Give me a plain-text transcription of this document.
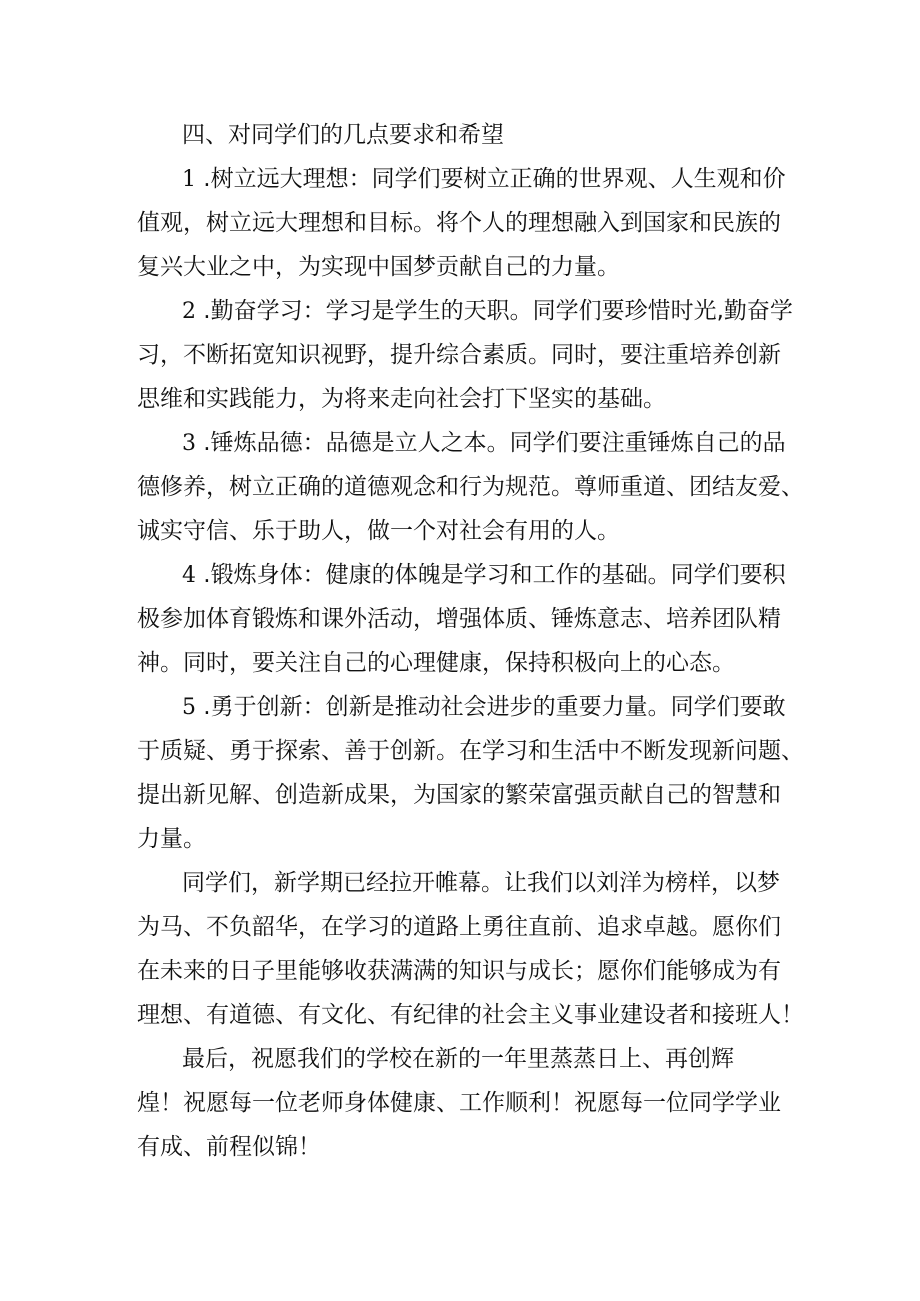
四、对同学们的几点要求和希望
1 .树立远大理想：同学们要树立正确的世界观、人生观和价
值观，树立远大理想和目标。将个人的理想融入到国家和民族的
复兴大业之中，为实现中国梦贡献自己的力量。
2 .勤奋学习：学习是学生的天职。同学们要珍惜时光,勤奋学
习，不断拓宽知识视野，提升综合素质。同时，要注重培养创新
思维和实践能力，为将来走向社会打下坚实的基础。
3 .锤炼品德：品德是立人之本。同学们要注重锤炼自己的品
德修养，树立正确的道德观念和行为规范。尊师重道、团结友爱、
诚实守信、乐于助人，做一个对社会有用的人。
4 .锻炼身体：健康的体魄是学习和工作的基础。同学们要积
极参加体育锻炼和课外活动，增强体质、锤炼意志、培养团队精
神。同时，要关注自己的心理健康，保持积极向上的心态。
5 .勇于创新：创新是推动社会进步的重要力量。同学们要敢
于质疑、勇于探索、善于创新。在学习和生活中不断发现新问题、
提出新见解、创造新成果，为国家的繁荣富强贡献自己的智慧和
力量。
同学们，新学期已经拉开帷幕。让我们以刘洋为榜样，以梦
为马、不负韶华，在学习的道路上勇往直前、追求卓越。愿你们
在未来的日子里能够收获满满的知识与成长；愿你们能够成为有
理想、有道德、有文化、有纪律的社会主义事业建设者和接班人！
最后，祝愿我们的学校在新的一年里蒸蒸日上、再创辉
煌！祝愿每一位老师身体健康、工作顺利！祝愿每一位同学学业
有成、前程似锦！
